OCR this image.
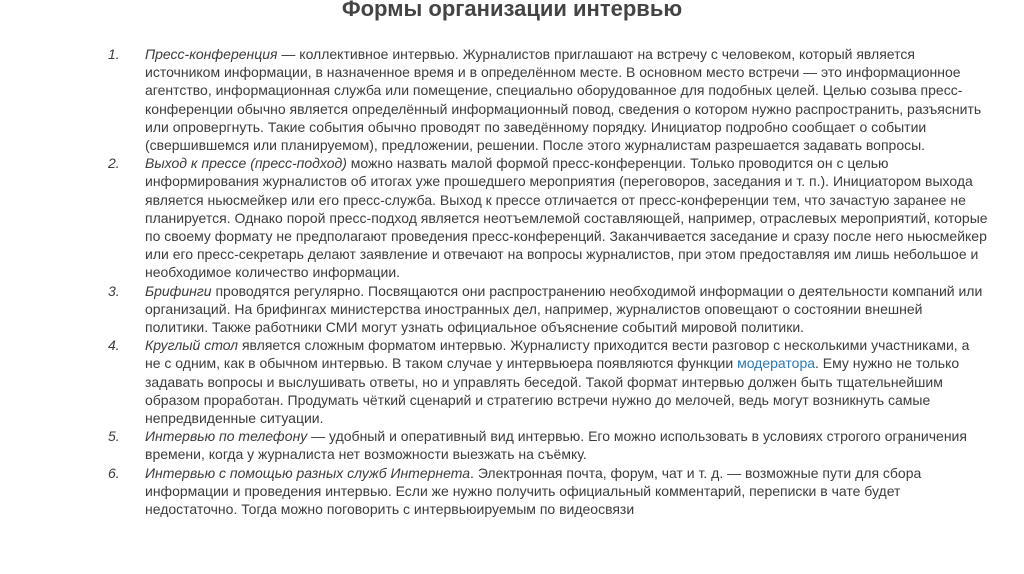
Формы организации интервью
1. Пресс-конференция — коллективное интервью. Журналистов приглашают на встречу с человеком, который является источником информации, в назначенное время и в определённом месте. В основном место встречи — это информационное агентство, информационная служба или помещение, специально оборудованное для подобных целей. Целью созыва пресс-конференции обычно является определённый информационный повод, сведения о котором нужно распространить, разъяснить или опровергнуть. Такие события обычно проводят по заведённому порядку. Инициатор подробно сообщает о событии (свершившемся или планируемом), предложении, решении. После этого журналистам разрешается задавать вопросы.
2. Выход к прессе (пресс-подход) можно назвать малой формой пресс-конференции. Только проводится он с целью информирования журналистов об итогах уже прошедшего мероприятия (переговоров, заседания и т. п.). Инициатором выхода является ньюсмейкер или его пресс-служба. Выход к прессе отличается от пресс-конференции тем, что зачастую заранее не планируется. Однако порой пресс-подход является неотъемлемой составляющей, например, отраслевых мероприятий, которые по своему формату не предполагают проведения пресс-конференций. Заканчивается заседание и сразу после него ньюсмейкер или его пресс-секретарь делают заявление и отвечают на вопросы журналистов, при этом предоставляя им лишь небольшое и необходимое количество информации.
3. Брифинги проводятся регулярно. Посвящаются они распространению необходимой информации о деятельности компаний или организаций. На брифингах министерства иностранных дел, например, журналистов оповещают о состоянии внешней политики. Также работники СМИ могут узнать официальное объяснение событий мировой политики.
4. Круглый стол является сложным форматом интервью. Журналисту приходится вести разговор с несколькими участниками, а не с одним, как в обычном интервью. В таком случае у интервьюера появляются функции модератора. Ему нужно не только задавать вопросы и выслушивать ответы, но и управлять беседой. Такой формат интервью должен быть тщательнейшим образом проработан. Продумать чёткий сценарий и стратегию встречи нужно до мелочей, ведь могут возникнуть самые непредвиденные ситуации.
5. Интервью по телефону — удобный и оперативный вид интервью. Его можно использовать в условиях строгого ограничения времени, когда у журналиста нет возможности выезжать на съёмку.
6. Интервью с помощью разных служб Интернета. Электронная почта, форум, чат и т. д. — возможные пути для сбора информации и проведения интервью. Если же нужно получить официальный комментарий, переписки в чате будет недостаточно. Тогда можно поговорить с интервьюируемым по видеосвязи
